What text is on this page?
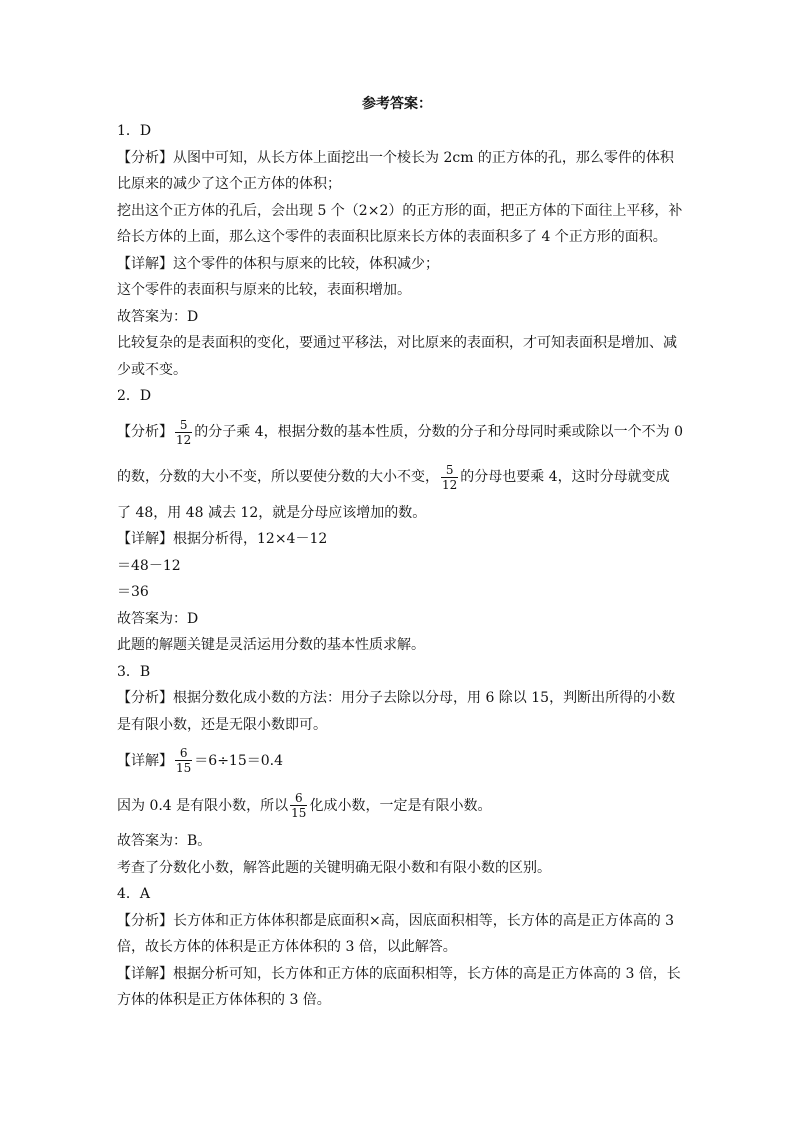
参考答案：
1．D
【分析】从图中可知，从长方体上面挖出一个棱长为 2cm 的正方体的孔，那么零件的体积
比原来的减少了这个正方体的体积；
挖出这个正方体的孔后，会出现 5 个（2×2）的正方形的面，把正方体的下面往上平移，补
给长方体的上面，那么这个零件的表面积比原来长方体的表面积多了 4 个正方形的面积。
【详解】这个零件的体积与原来的比较，体积减少；
这个零件的表面积与原来的比较，表面积增加。
故答案为：D
比较复杂的是表面积的变化，要通过平移法，对比原来的表面积，才可知表面积是增加、减
少或不变。
2．D
【分析】 $\frac{5}{12}$ 的分子乘 4，根据分数的基本性质，分数的分子和分母同时乘或除以一个不为 0
的数，分数的大小不变，所以要使分数的大小不变， $\frac{5}{12}$ 的分母也要乘 4，这时分母就变成
了 48，用 48 减去 12，就是分母应该增加的数。
【详解】根据分析得，12×4－12
＝48－12
＝36
故答案为：D
此题的解题关键是灵活运用分数的基本性质求解。
3．B
【分析】根据分数化成小数的方法：用分子去除以分母，用 6 除以 15，判断出所得的小数
是有限小数，还是无限小数即可。
【详解】 $\frac{6}{15} =6\div 15=0.4$
因为 0.4 是有限小数，所以 $\frac{6}{15}$ 化成小数，一定是有限小数。
故答案为：B。
考查了分数化小数，解答此题的关键明确无限小数和有限小数的区别。
4．A
【分析】长方体和正方体体积都是底面积×高，因底面积相等，长方体的高是正方体高的 3
倍，故长方体的体积是正方体体积的 3 倍，以此解答。
【详解】根据分析可知，长方体和正方体的底面积相等，长方体的高是正方体高的 3 倍，长
方体的体积是正方体体积的 3 倍。
